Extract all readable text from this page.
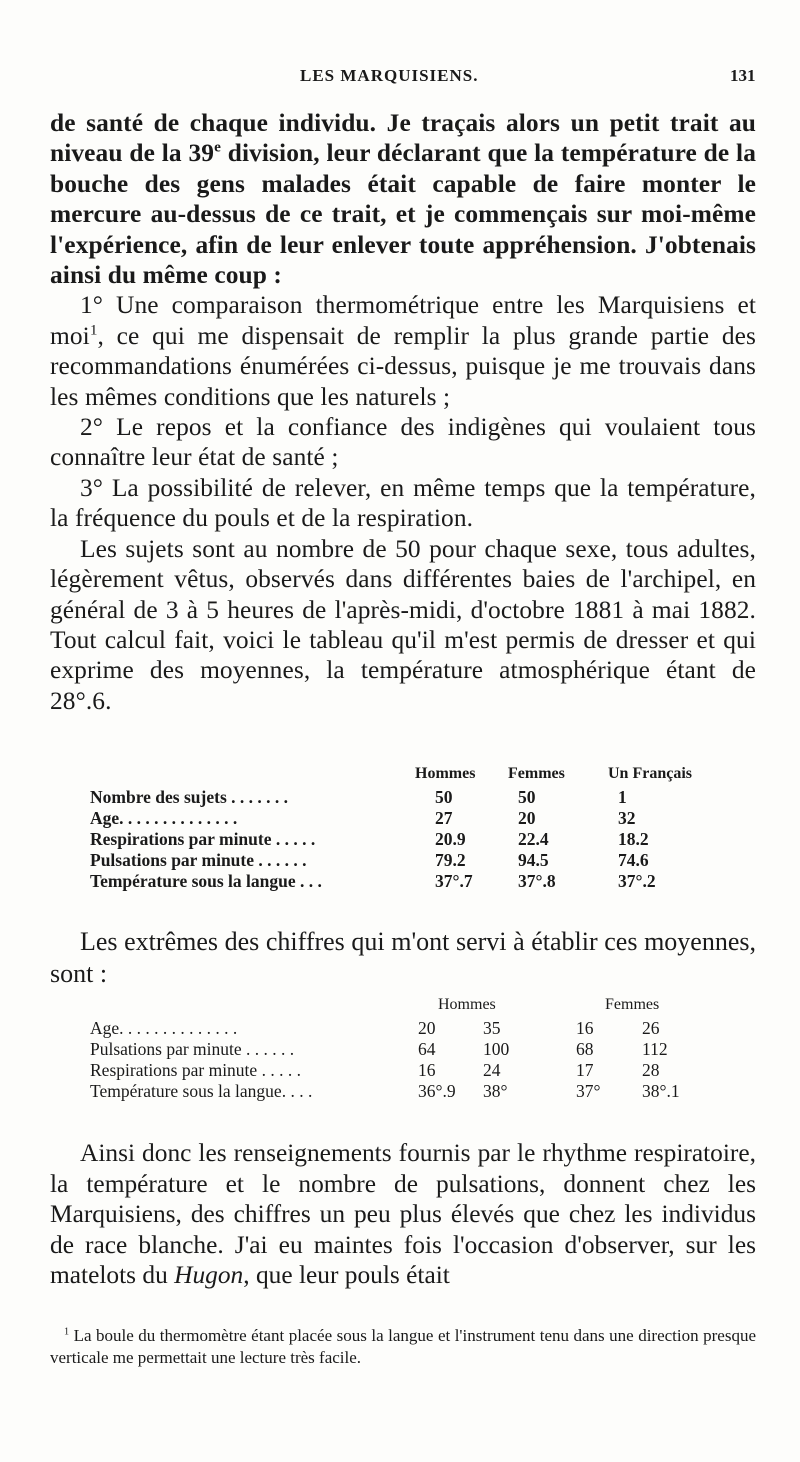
LES MARQUISIENS.	131

de santé de chaque individu. Je traçais alors un petit trait au niveau de la 39e division, leur déclarant que la température de la bouche des gens malades était capable de faire monter le mercure au-dessus de ce trait, et je commençais sur moi-même l'expérience, afin de leur enlever toute appréhension. J'obtenais ainsi du même coup :

1° Une comparaison thermométrique entre les Marquisiens et moi$^1$, ce qui me dispensait de remplir la plus grande partie des recommandations énumérées ci-dessus, puisque je me trouvais dans les mêmes conditions que les naturels ;

2° Le repos et la confiance des indigènes qui voulaient tous connaître leur état de santé ;

3° La possibilité de relever, en même temps que la température, la fréquence du pouls et de la respiration.

Les sujets sont au nombre de 50 pour chaque sexe, tous adultes, légèrement vêtus, observés dans différentes baies de l'archipel, en général de 3 à 5 heures de l'après-midi, d'octobre 1881 à mai 1882. Tout calcul fait, voici le tableau qu'il m'est permis de dresser et qui exprime des moyennes, la température atmosphérique étant de 28°.6.

Hommes Femmes	Un Français
Nombre des sujets . . . . . . .	50	50	1
Age. . . . . . . . . . . . . .	27	20	32
Respirations par minute . . . . .	20.9	22.4	18.2
Pulsations par minute . . . . . .	79.2	94.5	74.6
Température sous la langue . . .	37°.7	37°.8	37°.2

Les extrêmes des chiffres qui m'ont servi à établir ces moyennes, sont :

Hommes	Femmes
Age. . . . . . . . . . . . . .	20	35	16	26
Pulsations par minute . . . . . .	64	100	68	112
Respirations par minute . . . . .	16	24	17	28
Température sous la langue. . . .	36°.9 38°	37° 38°.1

Ainsi donc les renseignements fournis par le rhythme respiratoire, la température et le nombre de pulsations, donnent chez les Marquisiens, des chiffres un peu plus élevés que chez les individus de race blanche. J'ai eu maintes fois l'occasion d'observer, sur les matelots du Hugon, que leur pouls était

$^1$ La boule du thermomètre étant placée sous la langue et l'instrument tenu dans une direction presque verticale me permettait une lecture très facile.
